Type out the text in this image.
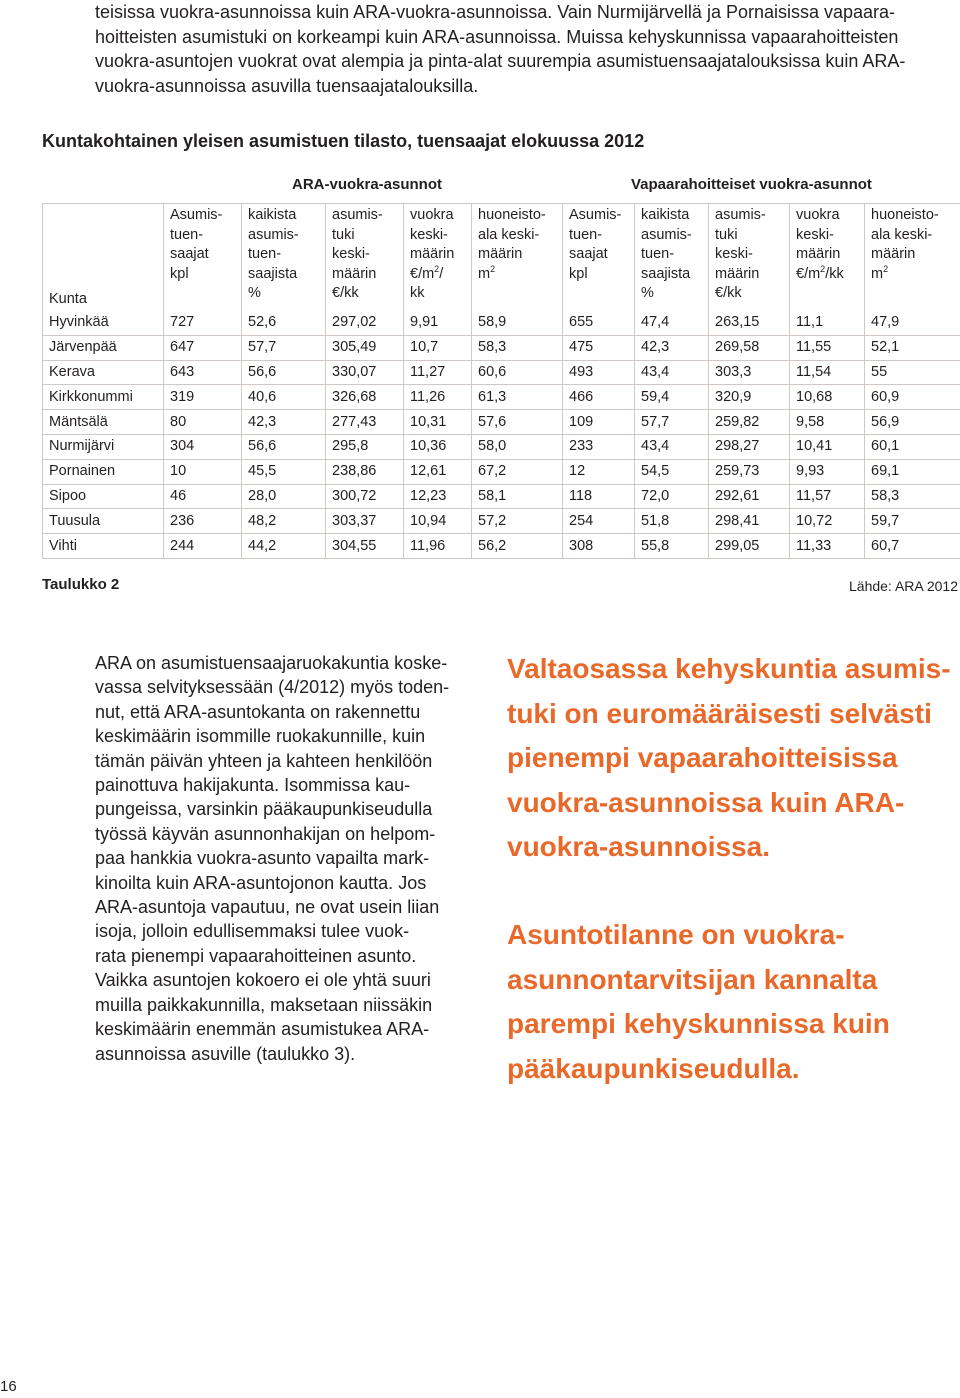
teisissa vuokra-asunnoissa kuin ARA-vuokra-asunnoissa. Vain Nurmijärvellä ja Pornaisissa vapaara-

hoitteisten asumistuki on korkeampi kuin ARA-asunnoissa. Muissa kehyskunnissa vapaarahoitteisten

vuokra-asuntojen vuokrat ovat alempia ja pinta-alat suurempia asumistuensaajatalouksissa kuin ARA-

vuokra-asunnoissa asuvilla tuensaajatalouksilla.

Kuntakohtainen yleisen asumistuen tilasto, tuensaajat elokuussa 2012
ARA-vuokra-asunnot	Vapaarahoitteiset vuokra-asunnot
Kunta	Asumis-
tuen-
saajat
kpl	kaikista
asumis-
tuen-
saajista
%	asumis-
tuki
keski-
määrin
€/kk	vuokra
keski-
määrin
$€/m^2/$
kk	huoneisto-
ala keski-
määrin
$m^2$	Asumis-
tuen-
saajat
kpl	kaikista
asumis-
tuen-
saajista
%	asumis-
tuki
keski-
määrin
€/kk	vuokra
keski-
määrin
$€/m^2/kk$	huoneisto-
ala keski-
määrin
$m^2$
Hyvinkää	727	52,6	297,02	9,91	58,9	655	47,4	263,15	11,1	47,9
Järvenpää	647	57,7	305,49	10,7	58,3	475	42,3	269,58	11,55	52,1
Kerava	643	56,6	330,07	11,27	60,6	493	43,4	303,3	11,54	55
Kirkkonummi	319	40,6	326,68	11,26	61,3	466	59,4	320,9	10,68	60,9
Mäntsälä	80	42,3	277,43	10,31	57,6	109	57,7	259,82	9,58	56,9
Nurmijärvi	304	56,6	295,8	10,36	58,0	233	43,4	298,27	10,41	60,1
Pornainen	10	45,5	238,86	12,61	67,2	12	54,5	259,73	9,93	69,1
Sipoo	46	28,0	300,72	12,23	58,1	118	72,0	292,61	11,57	58,3
Tuusula	236	48,2	303,37	10,94	57,2	254	51,8	298,41	10,72	59,7
Vihti	244	44,2	304,55	11,96	56,2	308	55,8	299,05	11,33	60,7
Taulukko 2	Lähde: ARA 2012
ARA on asumistuensaajaruokakuntia koske-
vassa selvityksessään (4/2012) myös toden-
nut, että ARA-asuntokanta on rakennettu
keskimäärin isommille ruokakunnille, kuin
tämän päivän yhteen ja kahteen henkilöön
painottuva hakijakunta. Isommissa kau-
pungeissa, varsinkin pääkaupunkiseudulla
työssä käyvän asunnonhakijan on helpom-
paa hankkia vuokra-asunto vapailta mark-
kinoilta kuin ARA-asuntojonon kautta. Jos
ARA-asuntoja vapautuu, ne ovat usein liian
isoja, jolloin edullisemmaksi tulee vuok-
rata pienempi vapaarahoitteinen asunto.
Vaikka asuntojen kokoero ei ole yhtä suuri
muilla paikkakunnilla, maksetaan niissäkin
keskimäärin enemmän asumistukea ARA-
asunnoissa asuville (taulukko 3).
Valtaosassa kehyskuntia asumis-
tuki on euromääräisesti selvästi
pienempi vapaarahoitteisissa
vuokra-asunnoissa kuin ARA-
vuokra-asunnoissa.
Asuntotilanne on vuokra-
asunnontarvitsijan kannalta
parempi kehyskunnissa kuin
pääkaupunkiseudulla.
16
